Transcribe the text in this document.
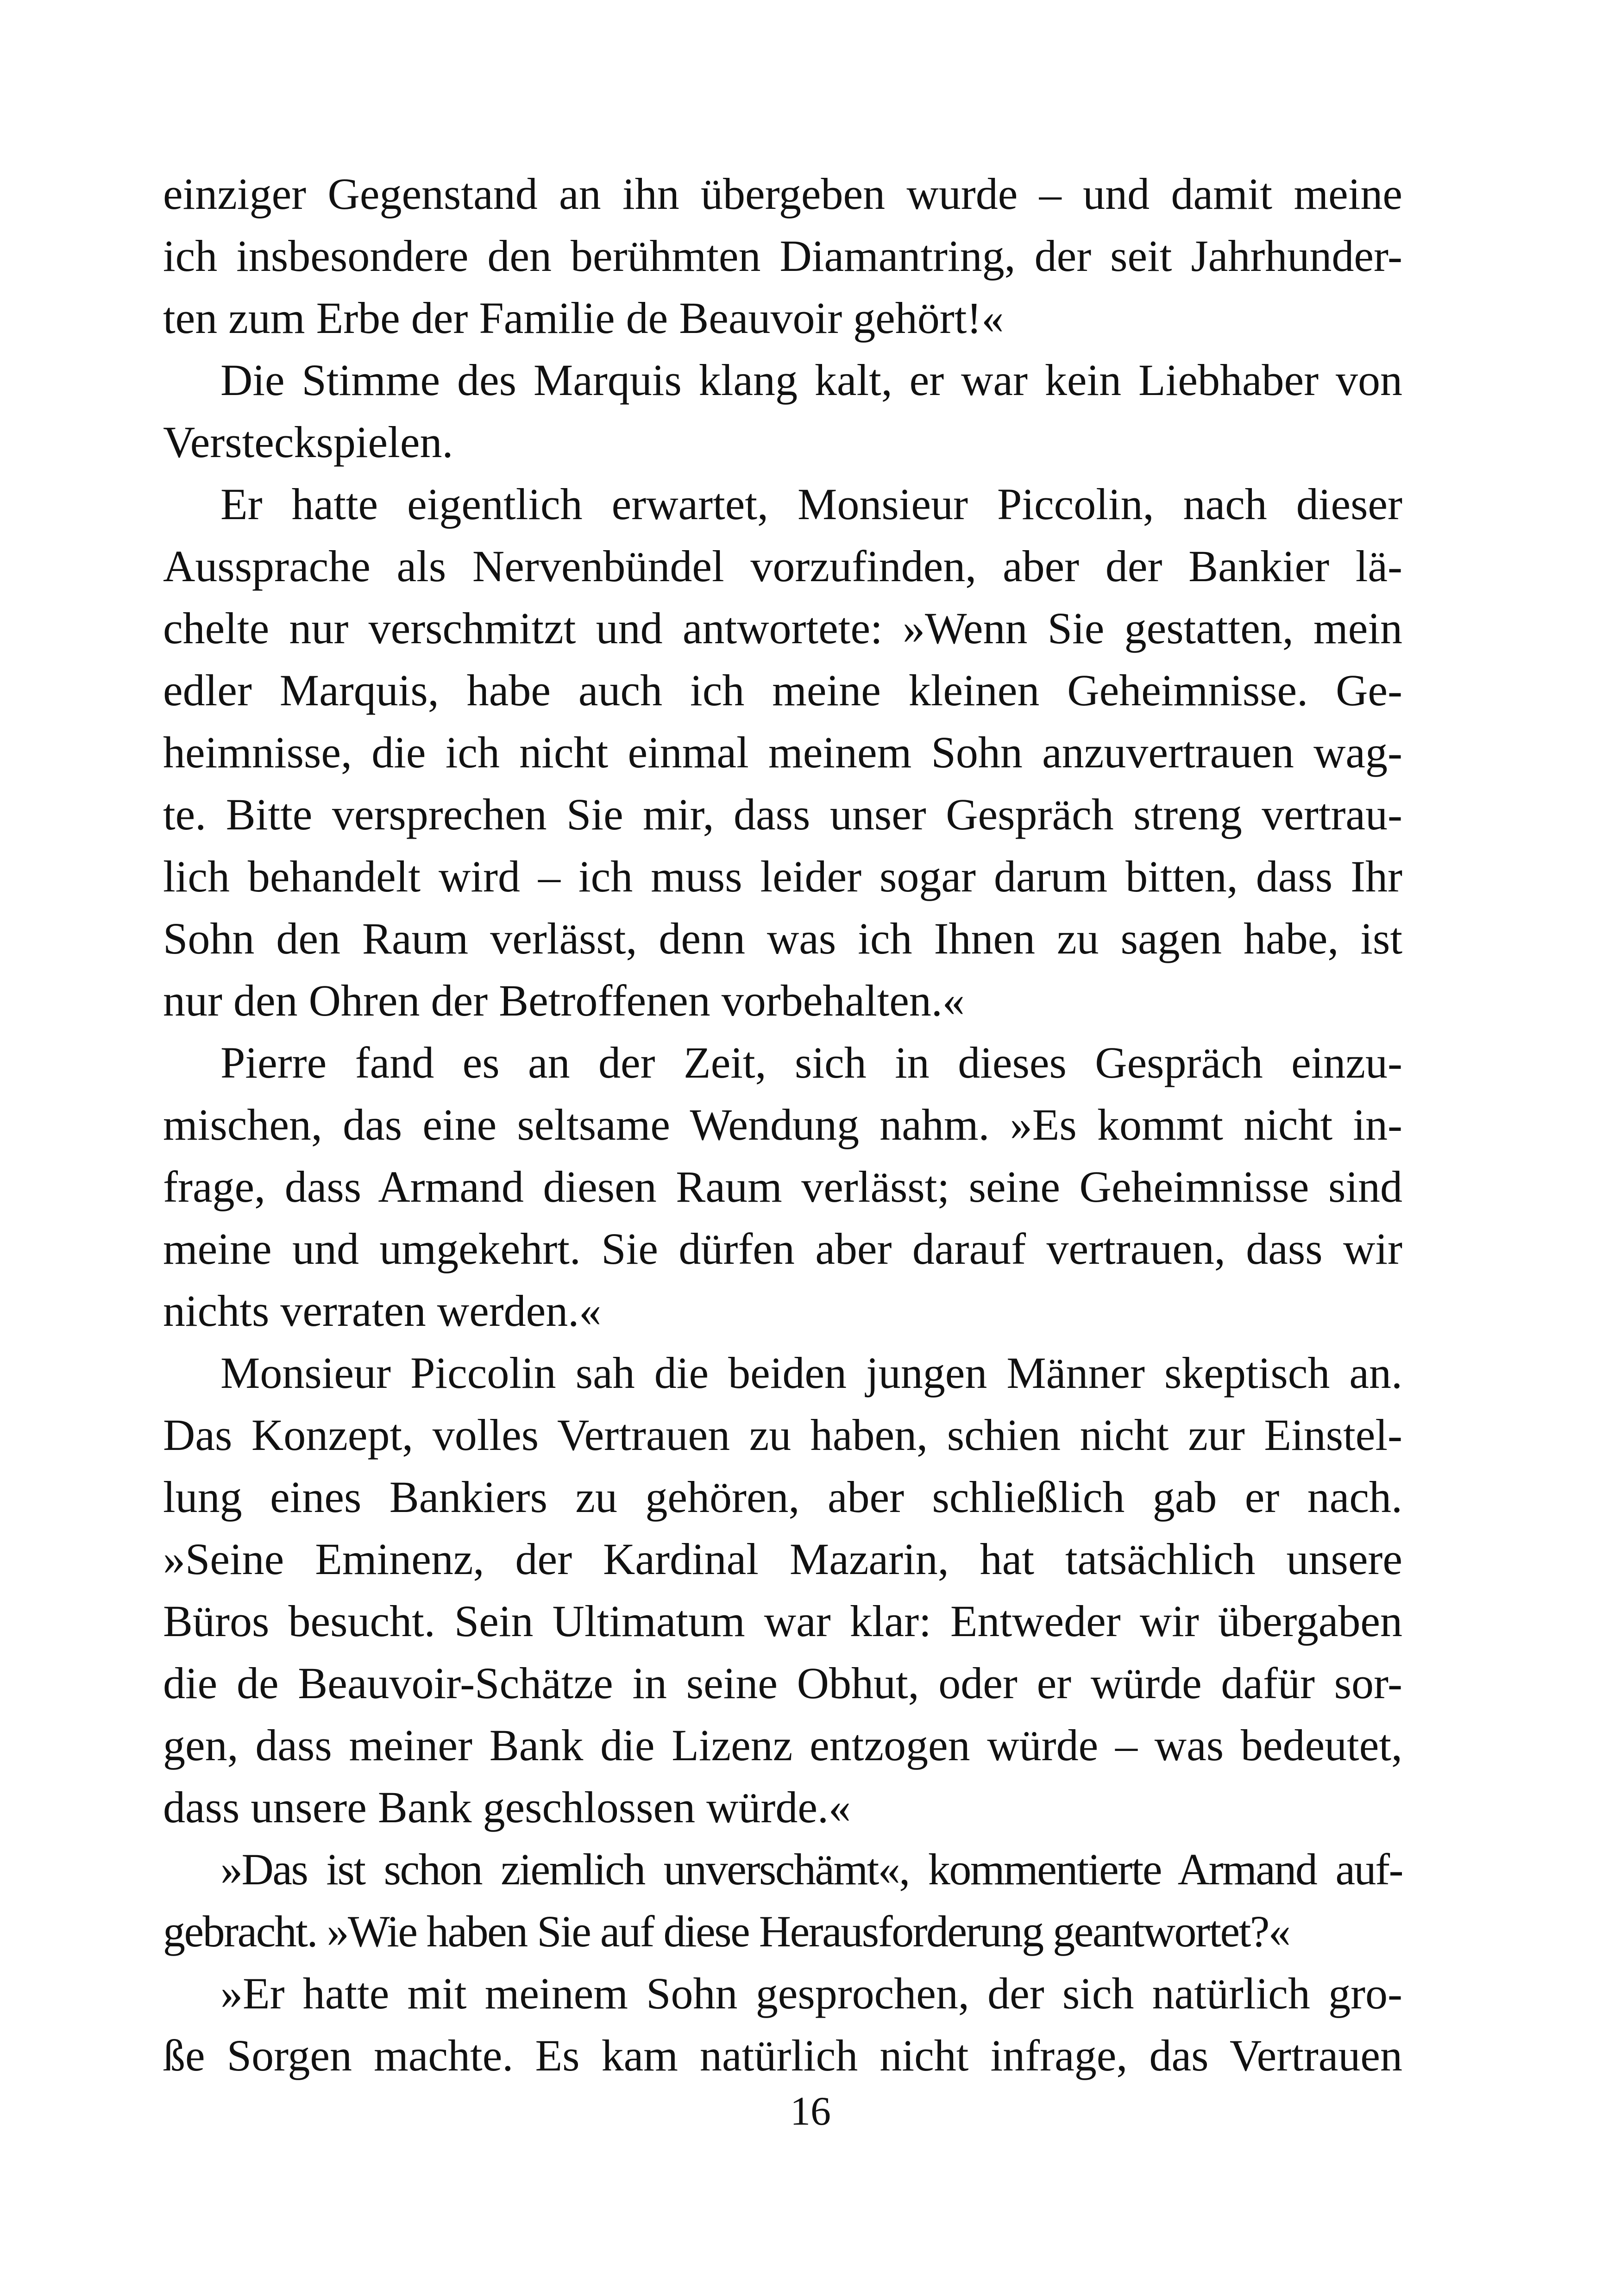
einziger Gegenstand an ihn übergeben wurde – und damit meine
ich insbesondere den berühmten Diamantring, der seit Jahrhunder-
ten zum Erbe der Familie de Beauvoir gehört!«
Die Stimme des Marquis klang kalt, er war kein Liebhaber von
Versteckspielen.
Er hatte eigentlich erwartet, Monsieur Piccolin, nach dieser
Aussprache als Nervenbündel vorzufinden, aber der Bankier lä-
chelte nur verschmitzt und antwortete: »Wenn Sie gestatten, mein
edler Marquis, habe auch ich meine kleinen Geheimnisse. Ge-
heimnisse, die ich nicht einmal meinem Sohn anzuvertrauen wag-
te. Bitte versprechen Sie mir, dass unser Gespräch streng vertrau-
lich behandelt wird – ich muss leider sogar darum bitten, dass Ihr
Sohn den Raum verlässt, denn was ich Ihnen zu sagen habe, ist
nur den Ohren der Betroffenen vorbehalten.«
Pierre fand es an der Zeit, sich in dieses Gespräch einzu-
mischen, das eine seltsame Wendung nahm. »Es kommt nicht in-
frage, dass Armand diesen Raum verlässt; seine Geheimnisse sind
meine und umgekehrt. Sie dürfen aber darauf vertrauen, dass wir
nichts verraten werden.«
Monsieur Piccolin sah die beiden jungen Männer skeptisch an.
Das Konzept, volles Vertrauen zu haben, schien nicht zur Einstel-
lung eines Bankiers zu gehören, aber schließlich gab er nach.
»Seine Eminenz, der Kardinal Mazarin, hat tatsächlich unsere
Büros besucht. Sein Ultimatum war klar: Entweder wir übergaben
die de Beauvoir-Schätze in seine Obhut, oder er würde dafür sor-
gen, dass meiner Bank die Lizenz entzogen würde – was bedeutet,
dass unsere Bank geschlossen würde.«
»Das ist schon ziemlich unverschämt«, kommentierte Armand auf-
gebracht. »Wie haben Sie auf diese Herausforderung geantwortet?«
»Er hatte mit meinem Sohn gesprochen, der sich natürlich gro-
ße Sorgen machte. Es kam natürlich nicht infrage, das Vertrauen
16
